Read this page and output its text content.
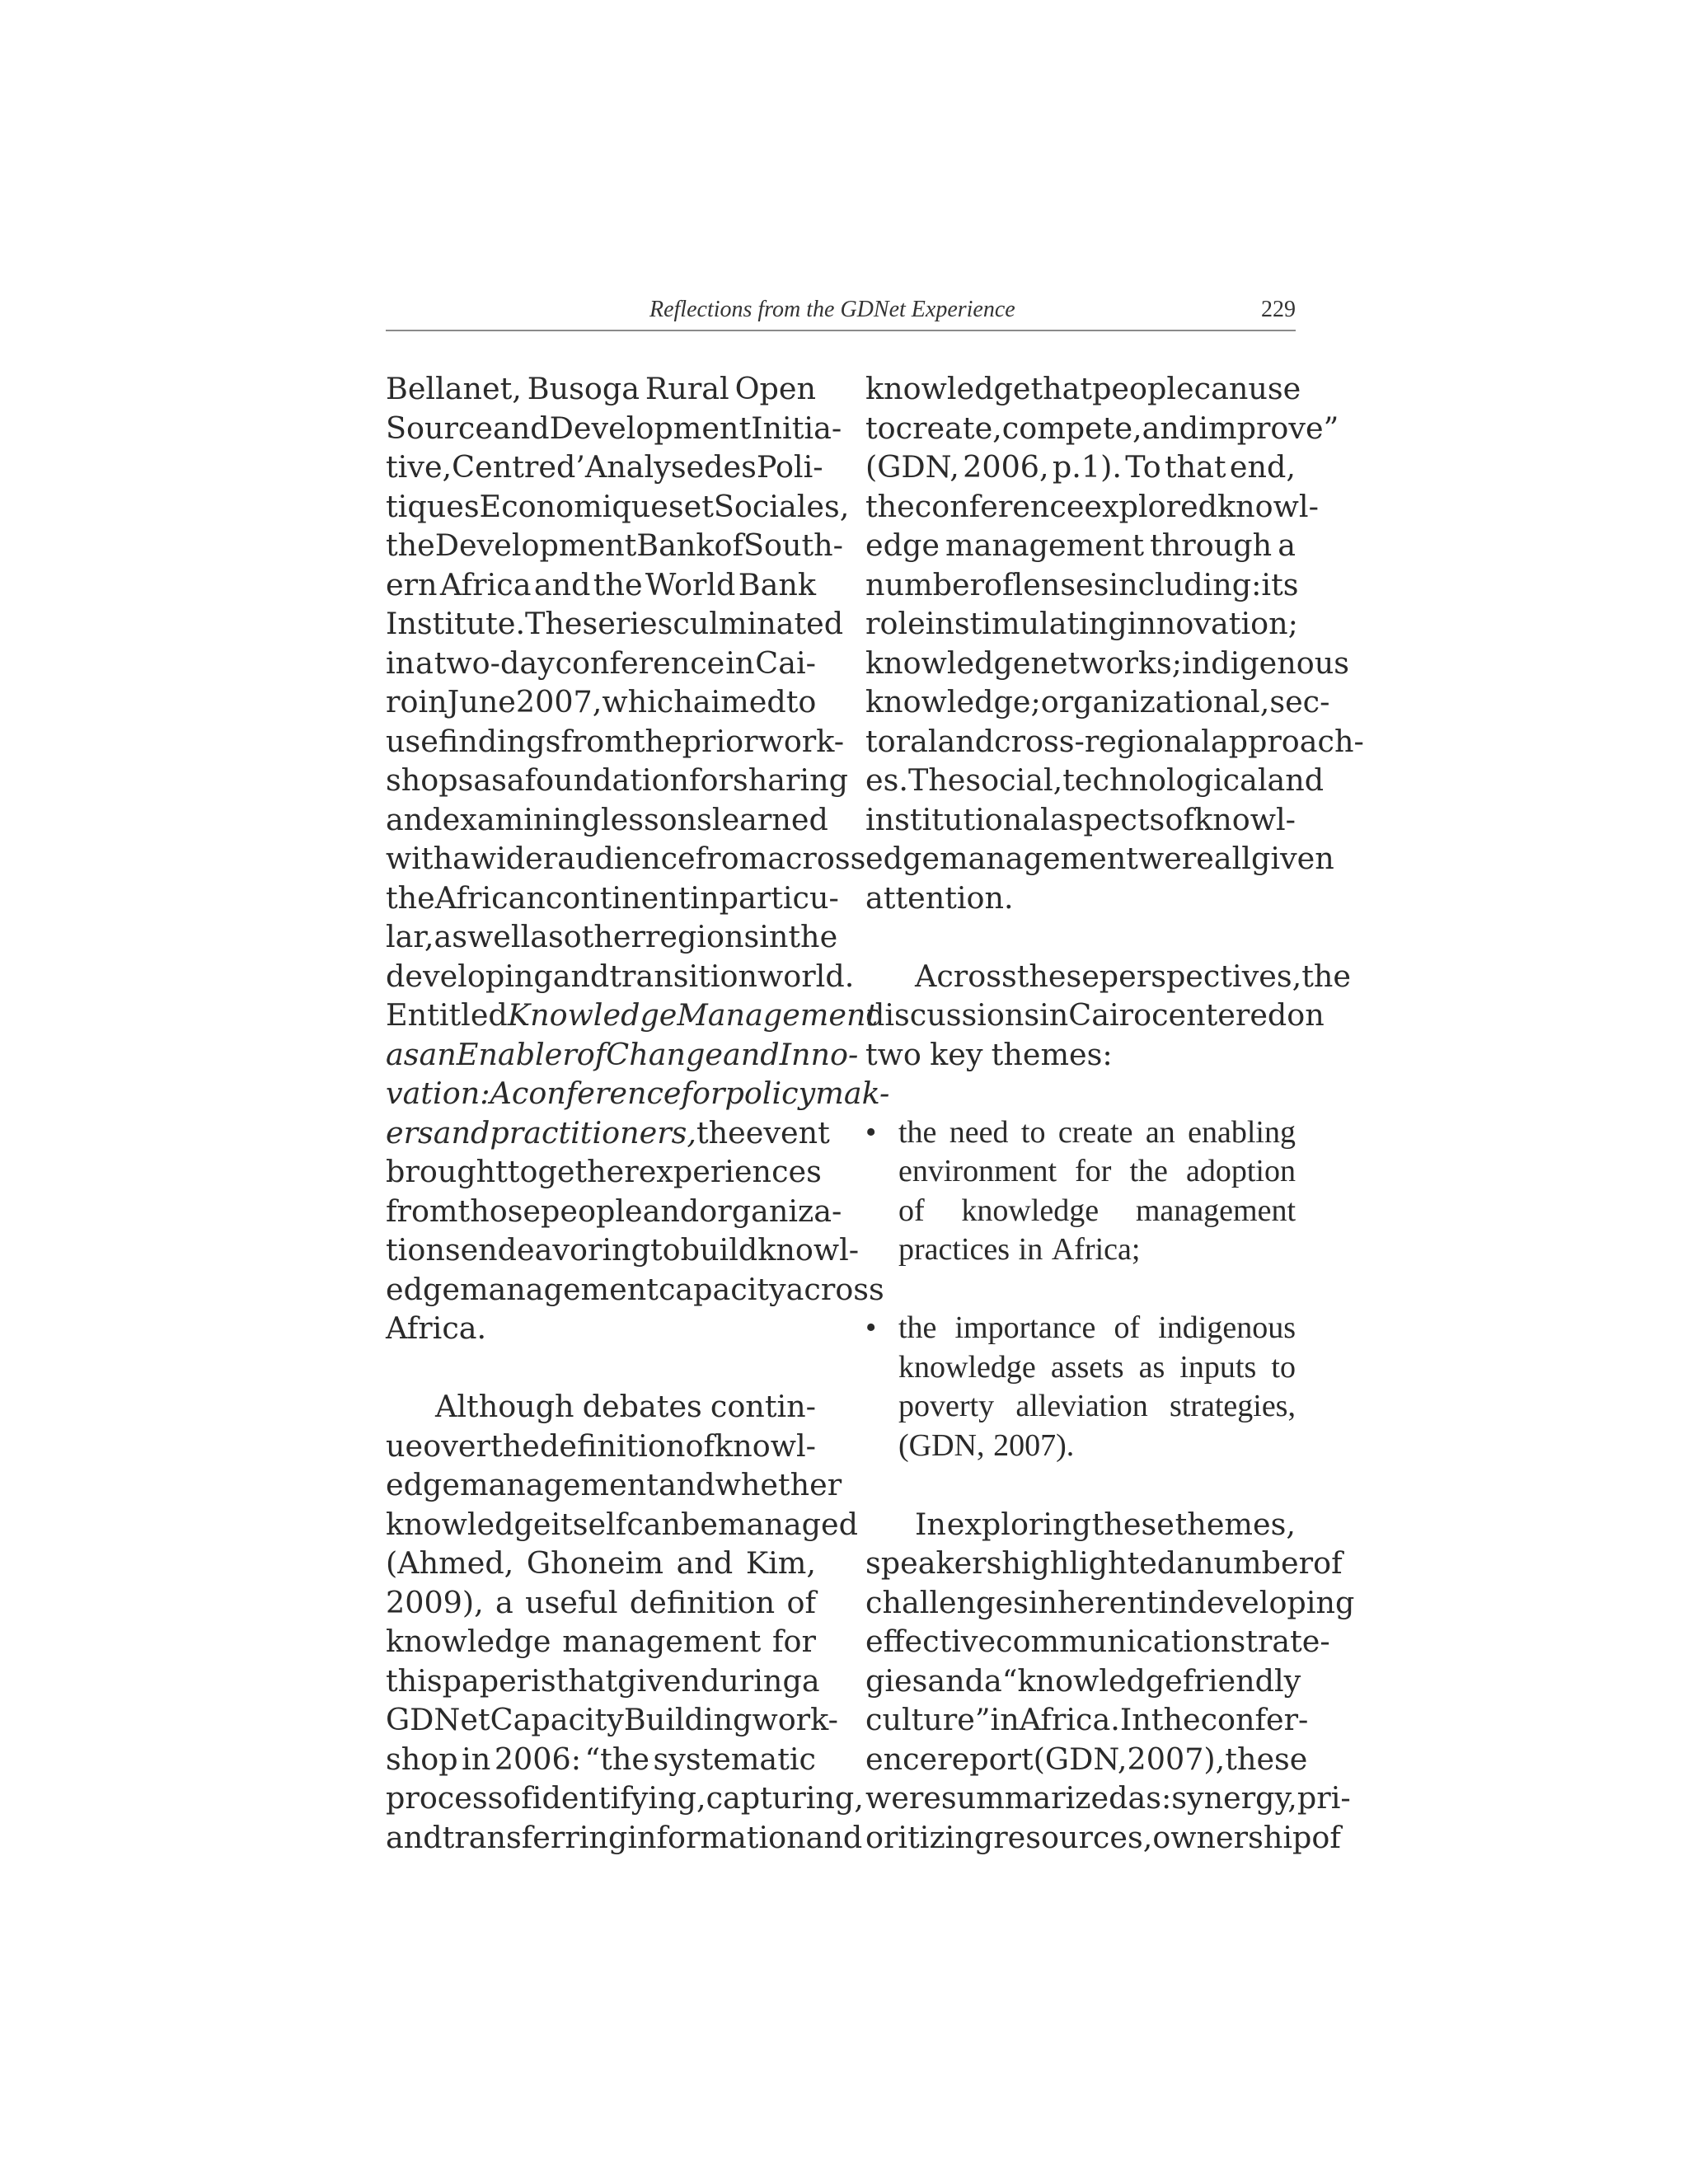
Reflections from the GDNet Experience	229
Bellanet, Busoga Rural Open
Source and Development Initia-
tive, Centre d’Analyse des Poli-
tiques Economiques et Sociales,
the Development Bank of South-
ern Africa and the World Bank
Institute. The series culminated
in a two-day conference in Cai-
ro in June 2007, which aimed to
use findings from the prior work-
shops as a foundation for sharing
and examining lessons learned
with a wider audience from across
the African continent in particu-
lar, as well as other regions in the
developing and transition world.
Entitled Knowledge Management
as an Enabler of Change and Inno-
vation: A conference for policymak-
ers and practitioners, the event
brought together experiences
from those people and organiza-
tions endeavoring to build knowl-
edge management capacity across
Africa.
Although debates contin-
ue over the definition of knowl-
edge management and whether
knowledge itself can be managed
(Ahmed, Ghoneim and Kim,
2009), a useful definition of
knowledge management for
this paper is that given during a
GDNet Capacity Building work-
shop in 2006: “the systematic
process of identifying, capturing,
and transferring information and
knowledge that people can use
to create, compete, and improve”
(GDN, 2006, p.1). To that end,
the conference explored knowl-
edge management through a
number of lenses including: its
role in stimulating innovation;
knowledge networks; indigenous
knowledge; organizational, sec-
toral and cross-regional approach-
es. The social, technological and
institutional aspects of knowl-
edge management were all given
attention.
Across these perspectives, the
discussions in Cairo centered on
two key themes:
• the need to create an enabling
environment for the adoption
of knowledge management
practices in Africa;
• the importance of indigenous
knowledge assets as inputs to
poverty alleviation strategies,
(GDN, 2007).
In exploring these themes,
speakers highlighted a number of
challenges inherent in developing
effective communication strate-
gies and a “knowledge friendly
culture” in Africa. In the confer-
ence report (GDN, 2007), these
were summarized as: synergy, pri-
oritizing resources, ownership of
